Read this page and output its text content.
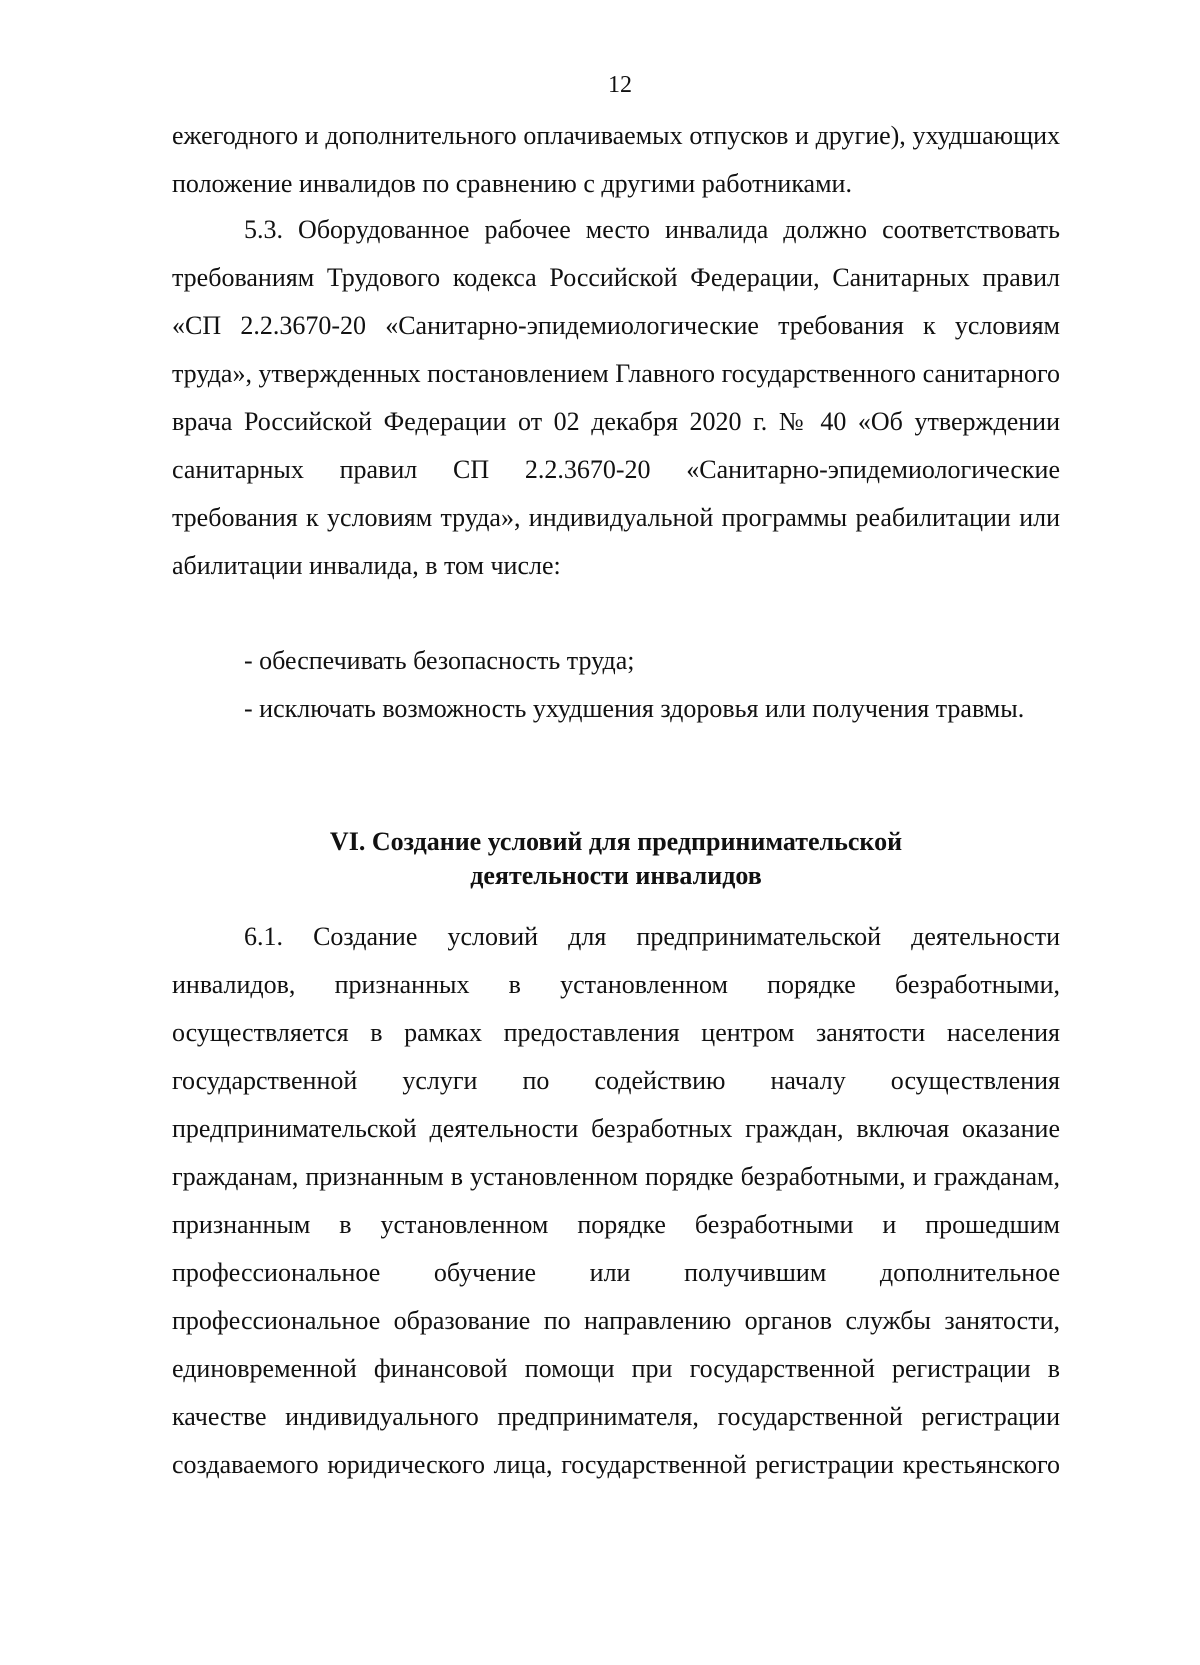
12

ежегодного и дополнительного оплачиваемых отпусков и другие), ухудшающих положение инвалидов по сравнению с другими работниками.

5.3. Оборудованное рабочее место инвалида должно соответствовать требованиям Трудового кодекса Российской Федерации, Санитарных правил «СП 2.2.3670-20 «Санитарно-эпидемиологические требования к условиям труда», утвержденных постановлением Главного государственного санитарного врача Российской Федерации от 02 декабря 2020 г. № 40 «Об утверждении санитарных правил СП 2.2.3670-20 «Санитарно-эпидемиологические требования к условиям труда», индивидуальной программы реабилитации или абилитации инвалида, в том числе:

- обеспечивать безопасность труда;

- исключать возможность ухудшения здоровья или получения травмы.

VI. Создание условий для предпринимательской
деятельности инвалидов

6.1. Создание условий для предпринимательской деятельности инвалидов, признанных в установленном порядке безработными, осуществляется в рамках предоставления центром занятости населения государственной услуги по содействию началу осуществления предпринимательской деятельности безработных граждан, включая оказание гражданам, признанным в установленном порядке безработными, и гражданам, признанным в установленном порядке безработными и прошедшим профессиональное обучение или получившим дополнительное профессиональное образование по направлению органов службы занятости, единовременной финансовой помощи при государственной регистрации в качестве индивидуального предпринимателя, государственной регистрации создаваемого юридического лица, государственной регистрации крестьянского
